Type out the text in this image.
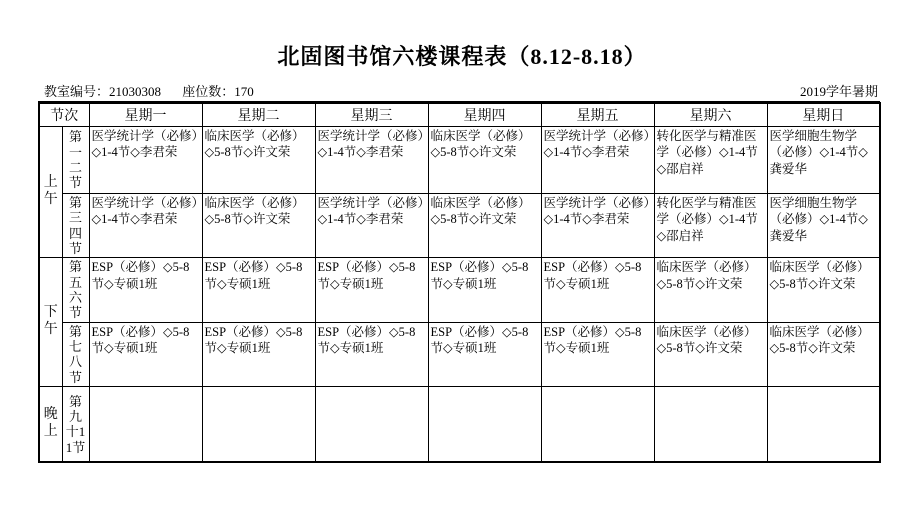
北固图书馆六楼课程表（8.12-8.18）
教室编号：21030308 座位数：170	2019学年暑期
节次		星期一	星期二	星期三	星期四	星期五	星期六	星期日
上午	第一二节	医学统计学（必修）◇1-4节◇李君荣	临床医学（必修）◇5-8节◇许文荣	医学统计学（必修）◇1-4节◇李君荣	临床医学（必修）◇5-8节◇许文荣	医学统计学（必修）◇1-4节◇李君荣	转化医学与精准医学（必修）◇1-4节◇邵启祥	医学细胞生物学（必修）◇1-4节◇龚爱华
	第三四节	医学统计学（必修）◇1-4节◇李君荣	临床医学（必修）◇5-8节◇许文荣	医学统计学（必修）◇1-4节◇李君荣	临床医学（必修）◇5-8节◇许文荣	医学统计学（必修）◇1-4节◇李君荣	转化医学与精准医学（必修）◇1-4节◇邵启祥	医学细胞生物学（必修）◇1-4节◇龚爱华
下午	第五六节	ESP（必修）◇5-8节◇专硕1班	ESP（必修）◇5-8节◇专硕1班	ESP（必修）◇5-8节◇专硕1班	ESP（必修）◇5-8节◇专硕1班	ESP（必修）◇5-8节◇专硕1班	临床医学（必修）◇5-8节◇许文荣	临床医学（必修）◇5-8节◇许文荣
	第七八节	ESP（必修）◇5-8节◇专硕1班	ESP（必修）◇5-8节◇专硕1班	ESP（必修）◇5-8节◇专硕1班	ESP（必修）◇5-8节◇专硕1班	ESP（必修）◇5-8节◇专硕1班	临床医学（必修）◇5-8节◇许文荣	临床医学（必修）◇5-8节◇许文荣
晚上	第九十11节							
